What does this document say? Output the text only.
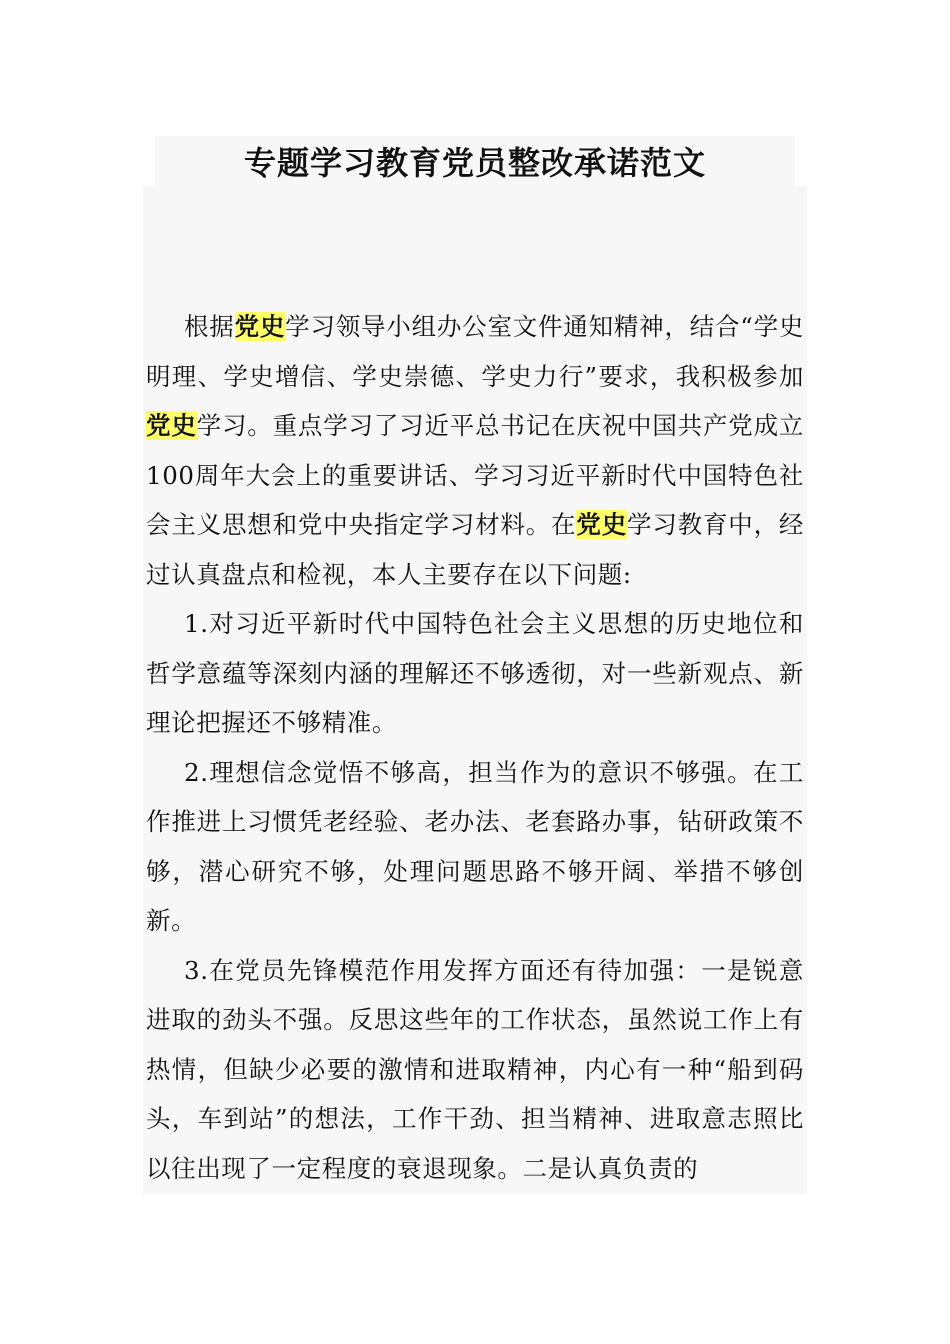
专题学习教育党员整改承诺范文

根据党史学习领导小组办公室文件通知精神，结合“学史明理、学史增信、学史崇德、学史力行”要求，我积极参加党史学习。重点学习了习近平总书记在庆祝中国共产党成立100周年大会上的重要讲话、学习习近平新时代中国特色社会主义思想和党中央指定学习材料。在党史学习教育中，经过认真盘点和检视，本人主要存在以下问题:

1.对习近平新时代中国特色社会主义思想的历史地位和哲学意蕴等深刻内涵的理解还不够透彻，对一些新观点、新理论把握还不够精准。

2.理想信念觉悟不够高，担当作为的意识不够强。在工作推进上习惯凭老经验、老办法、老套路办事，钻研政策不够，潜心研究不够，处理问题思路不够开阔、举措不够创新。

3.在党员先锋模范作用发挥方面还有待加强：一是锐意进取的劲头不强。反思这些年的工作状态，虽然说工作上有热情，但缺少必要的激情和进取精神，内心有一种“船到码头，车到站”的想法，工作干劲、担当精神、进取意志照比以往出现了一定程度的衰退现象。二是认真负责的
